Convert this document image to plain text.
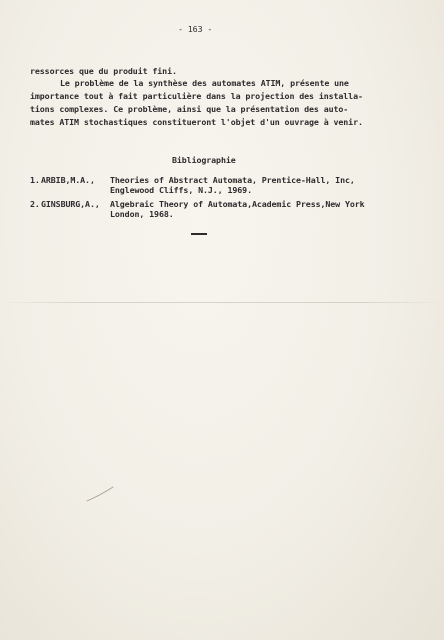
- 163 -
ressorces que du produit fini.
Le problème de la synthèse des automates ATIM, présente une
importance tout à fait particulière dans la projection des installa-
tions complexes. Ce problème, ainsi que la présentation des auto-
mates ATIM stochastiques constitueront l'objet d'un ouvrage à venir.
Bibliographie
1. ARBIB,M.A., Theories of Abstract Automata, Prentice-Hall, Inc,
Englewood Cliffs, N.J., 1969.
2. GINSBURG,A., Algebraic Theory of Automata,Academic Press,New York
London, 1968.
